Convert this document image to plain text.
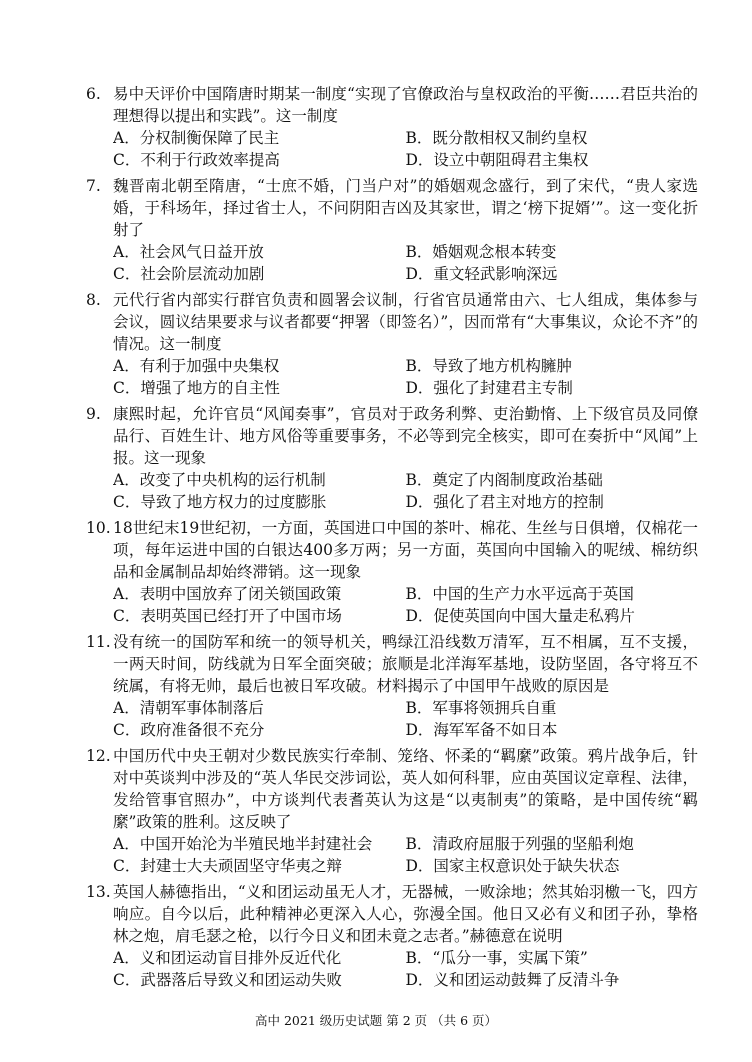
6. 易中天评价中国隋唐时期某一制度“实现了官僚政治与皇权政治的平衡……君臣共治的理想得以提出和实践”。这一制度
A．分权制衡保障了民主	B．既分散相权又制约皇权
C．不利于行政效率提高	D．设立中朝阻碍君主集权
7. 魏晋南北朝至隋唐，“士庶不婚，门当户对”的婚姻观念盛行，到了宋代，“贵人家选婚，于科场年，择过省士人，不问阴阳吉凶及其家世，谓之‘榜下捉婿’”。这一变化折射了
A．社会风气日益开放	B．婚姻观念根本转变
C．社会阶层流动加剧	D．重文轻武影响深远
8. 元代行省内部实行群官负责和圆署会议制，行省官员通常由六、七人组成，集体参与会议，圆议结果要求与议者都要“押署（即签名）”，因而常有“大事集议，众论不齐”的情况。这一制度
A．有利于加强中央集权	B．导致了地方机构臃肿
C．增强了地方的自主性	D．强化了封建君主专制
9. 康熙时起，允许官员“风闻奏事”，官员对于政务利弊、吏治勤惰、上下级官员及同僚品行、百姓生计、地方风俗等重要事务，不必等到完全核实，即可在奏折中“风闻”上报。这一现象
A．改变了中央机构的运行机制	B．奠定了内阁制度政治基础
C．导致了地方权力的过度膨胀	D．强化了君主对地方的控制
10. 18世纪末19世纪初，一方面，英国进口中国的茶叶、棉花、生丝与日俱增，仅棉花一项，每年运进中国的白银达400多万两；另一方面，英国向中国输入的呢绒、棉纺织品和金属制品却始终滞销。这一现象
A．表明中国放弃了闭关锁国政策	B．中国的生产力水平远高于英国
C．表明英国已经打开了中国市场	D．促使英国向中国大量走私鸦片
11. 没有统一的国防军和统一的领导机关，鸭绿江沿线数万清军，互不相属，互不支援，一两天时间，防线就为日军全面突破；旅顺是北洋海军基地，设防坚固，各守将互不统属，有将无帅，最后也被日军攻破。材料揭示了中国甲午战败的原因是
A．清朝军事体制落后	B．军事将领拥兵自重
C．政府准备很不充分	D．海军军备不如日本
12. 中国历代中央王朝对少数民族实行牵制、笼络、怀柔的“羁縻”政策。鸦片战争后，针对中英谈判中涉及的“英人华民交涉词讼，英人如何科罪，应由英国议定章程、法律，发给管事官照办”，中方谈判代表耆英认为这是“以夷制夷”的策略，是中国传统“羁縻”政策的胜利。这反映了
A．中国开始沦为半殖民地半封建社会	B．清政府屈服于列强的坚船利炮
C．封建士大夫顽固坚守华夷之辩	D．国家主权意识处于缺失状态
13. 英国人赫德指出，“义和团运动虽无人才，无器械，一败涂地；然其始羽檄一飞，四方响应。自今以后，此种精神必更深入人心，弥漫全国。他日又必有义和团子孙，挚格林之炮，肩毛瑟之枪，以行今日义和团未竟之志者。”赫德意在说明
A．义和团运动盲目排外反近代化	B．“瓜分一事，实属下策”
C．武器落后导致义和团运动失败	D．义和团运动鼓舞了反清斗争
高中 2021 级历史试题 第 2 页 （共 6 页）
